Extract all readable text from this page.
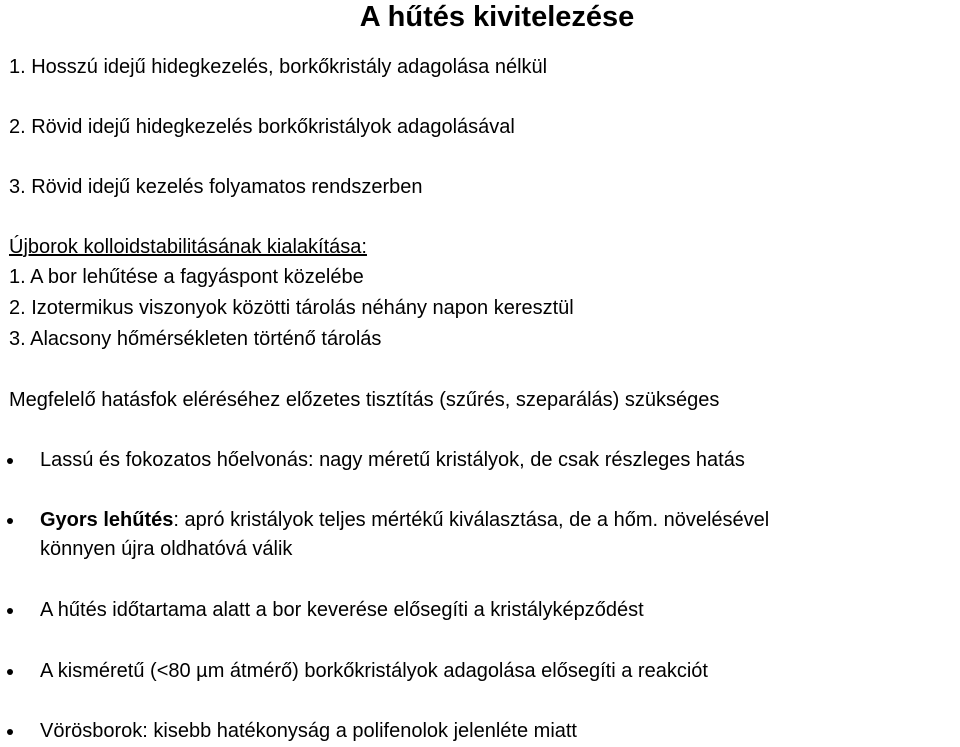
A hűtés kivitelezése
1. Hosszú idejű hidegkezelés, borkőkristály adagolása nélkül
2. Rövid idejű hidegkezelés borkőkristályok adagolásával
3. Rövid idejű kezelés folyamatos rendszerben
Újborok kolloidstabilitásának kialakítása:
1. A bor lehűtése a fagyáspont közelébe
2. Izotermikus viszonyok közötti tárolás néhány napon keresztül
3. Alacsony hőmérsékleten történő tárolás
Megfelelő hatásfok eléréséhez előzetes tisztítás (szűrés, szeparálás) szükséges
Lassú és fokozatos hőelvonás: nagy méretű kristályok, de csak részleges hatás
Gyors lehűtés: apró kristályok teljes mértékű kiválasztása, de a hőm. növelésével
könnyen újra oldhatóvá válik
A hűtés időtartama alatt a bor keverése elősegíti a kristályképződést
A kisméretű (<80 µm átmérő) borkőkristályok adagolása elősegíti a reakciót
Vörösborok: kisebb hatékonyság a polifenolok jelenléte miatt
